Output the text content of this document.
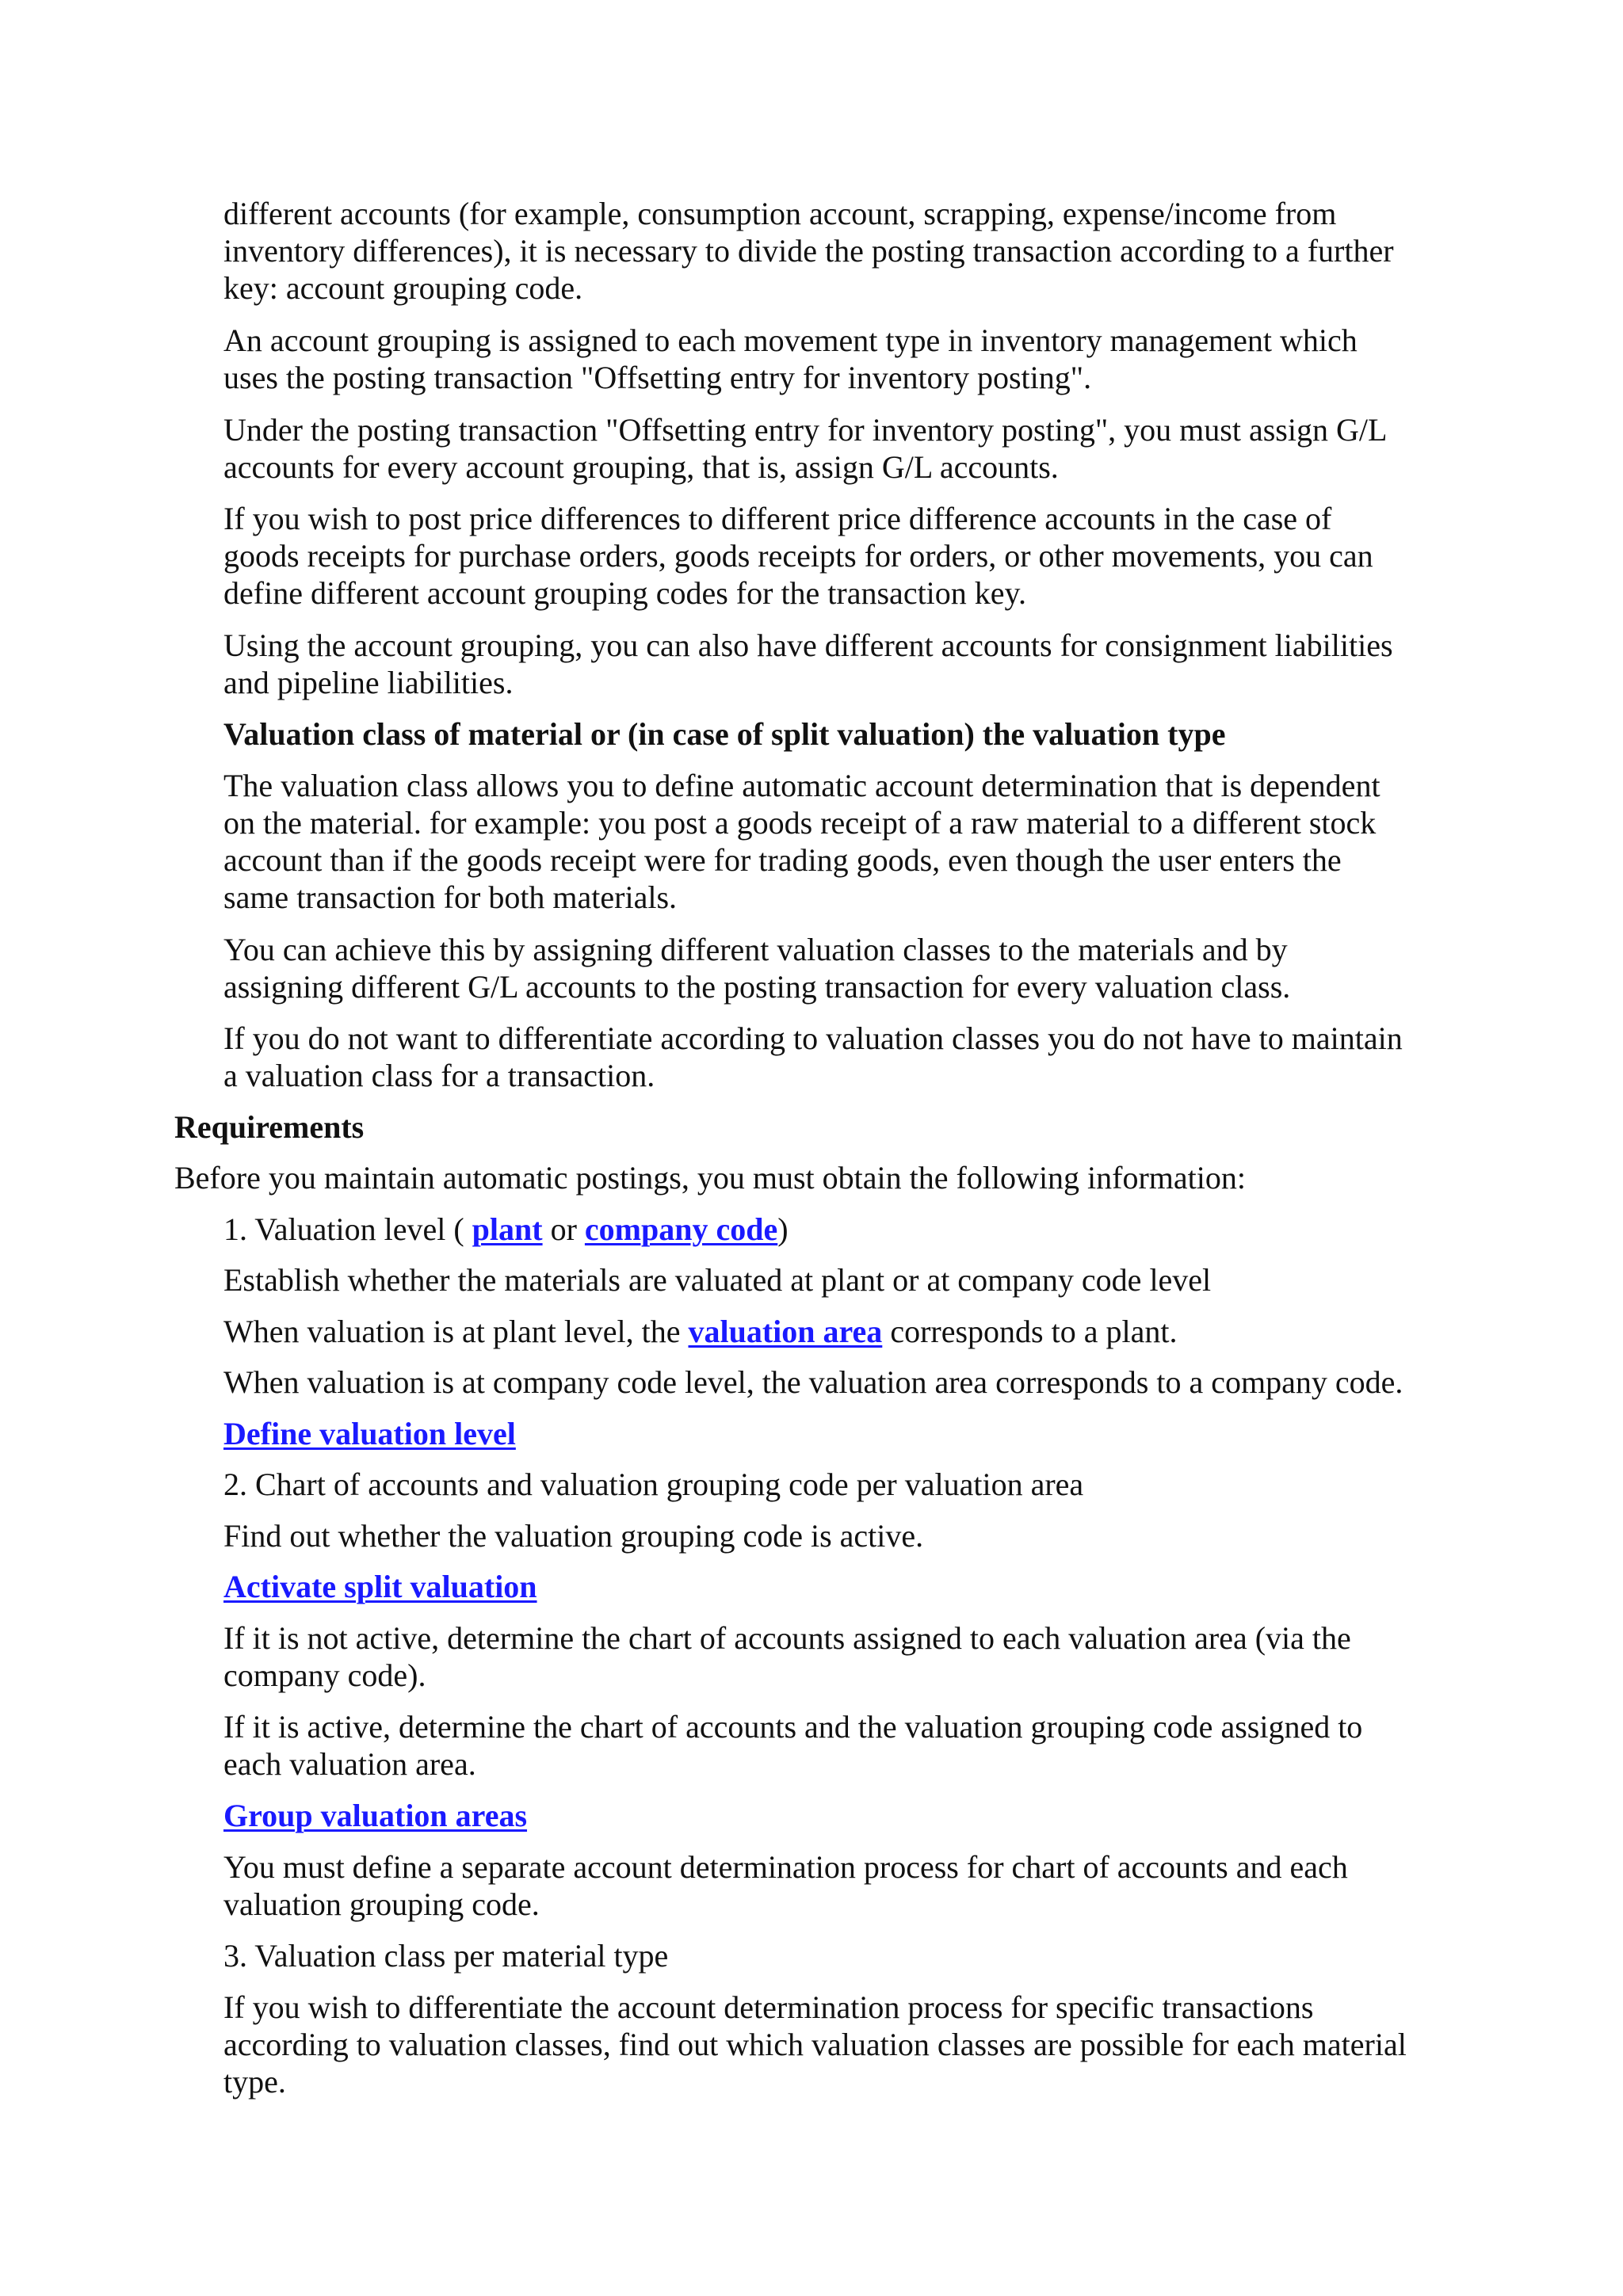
different accounts (for example, consumption account, scrapping, expense/income from
inventory differences), it is necessary to divide the posting transaction according to a further
key: account grouping code.

An account grouping is assigned to each movement type in inventory management which
uses the posting transaction "Offsetting entry for inventory posting".

Under the posting transaction "Offsetting entry for inventory posting", you must assign G/L
accounts for every account grouping, that is, assign G/L accounts.

If you wish to post price differences to different price difference accounts in the case of
goods receipts for purchase orders, goods receipts for orders, or other movements, you can
define different account grouping codes for the transaction key.

Using the account grouping, you can also have different accounts for consignment liabilities
and pipeline liabilities.

Valuation class of material or (in case of split valuation) the valuation type

The valuation class allows you to define automatic account determination that is dependent
on the material. for example: you post a goods receipt of a raw material to a different stock
account than if the goods receipt were for trading goods, even though the user enters the
same transaction for both materials.

You can achieve this by assigning different valuation classes to the materials and by
assigning different G/L accounts to the posting transaction for every valuation class.

If you do not want to differentiate according to valuation classes you do not have to maintain
a valuation class for a transaction.

Requirements

Before you maintain automatic postings, you must obtain the following information:

1. Valuation level ( plant or company code)

Establish whether the materials are valuated at plant or at company code level

When valuation is at plant level, the valuation area corresponds to a plant.

When valuation is at company code level, the valuation area corresponds to a company code.

Define valuation level

2. Chart of accounts and valuation grouping code per valuation area

Find out whether the valuation grouping code is active.

Activate split valuation

If it is not active, determine the chart of accounts assigned to each valuation area (via the
company code).

If it is active, determine the chart of accounts and the valuation grouping code assigned to
each valuation area.

Group valuation areas

You must define a separate account determination process for chart of accounts and each
valuation grouping code.

3. Valuation class per material type

If you wish to differentiate the account determination process for specific transactions
according to valuation classes, find out which valuation classes are possible for each material
type.
